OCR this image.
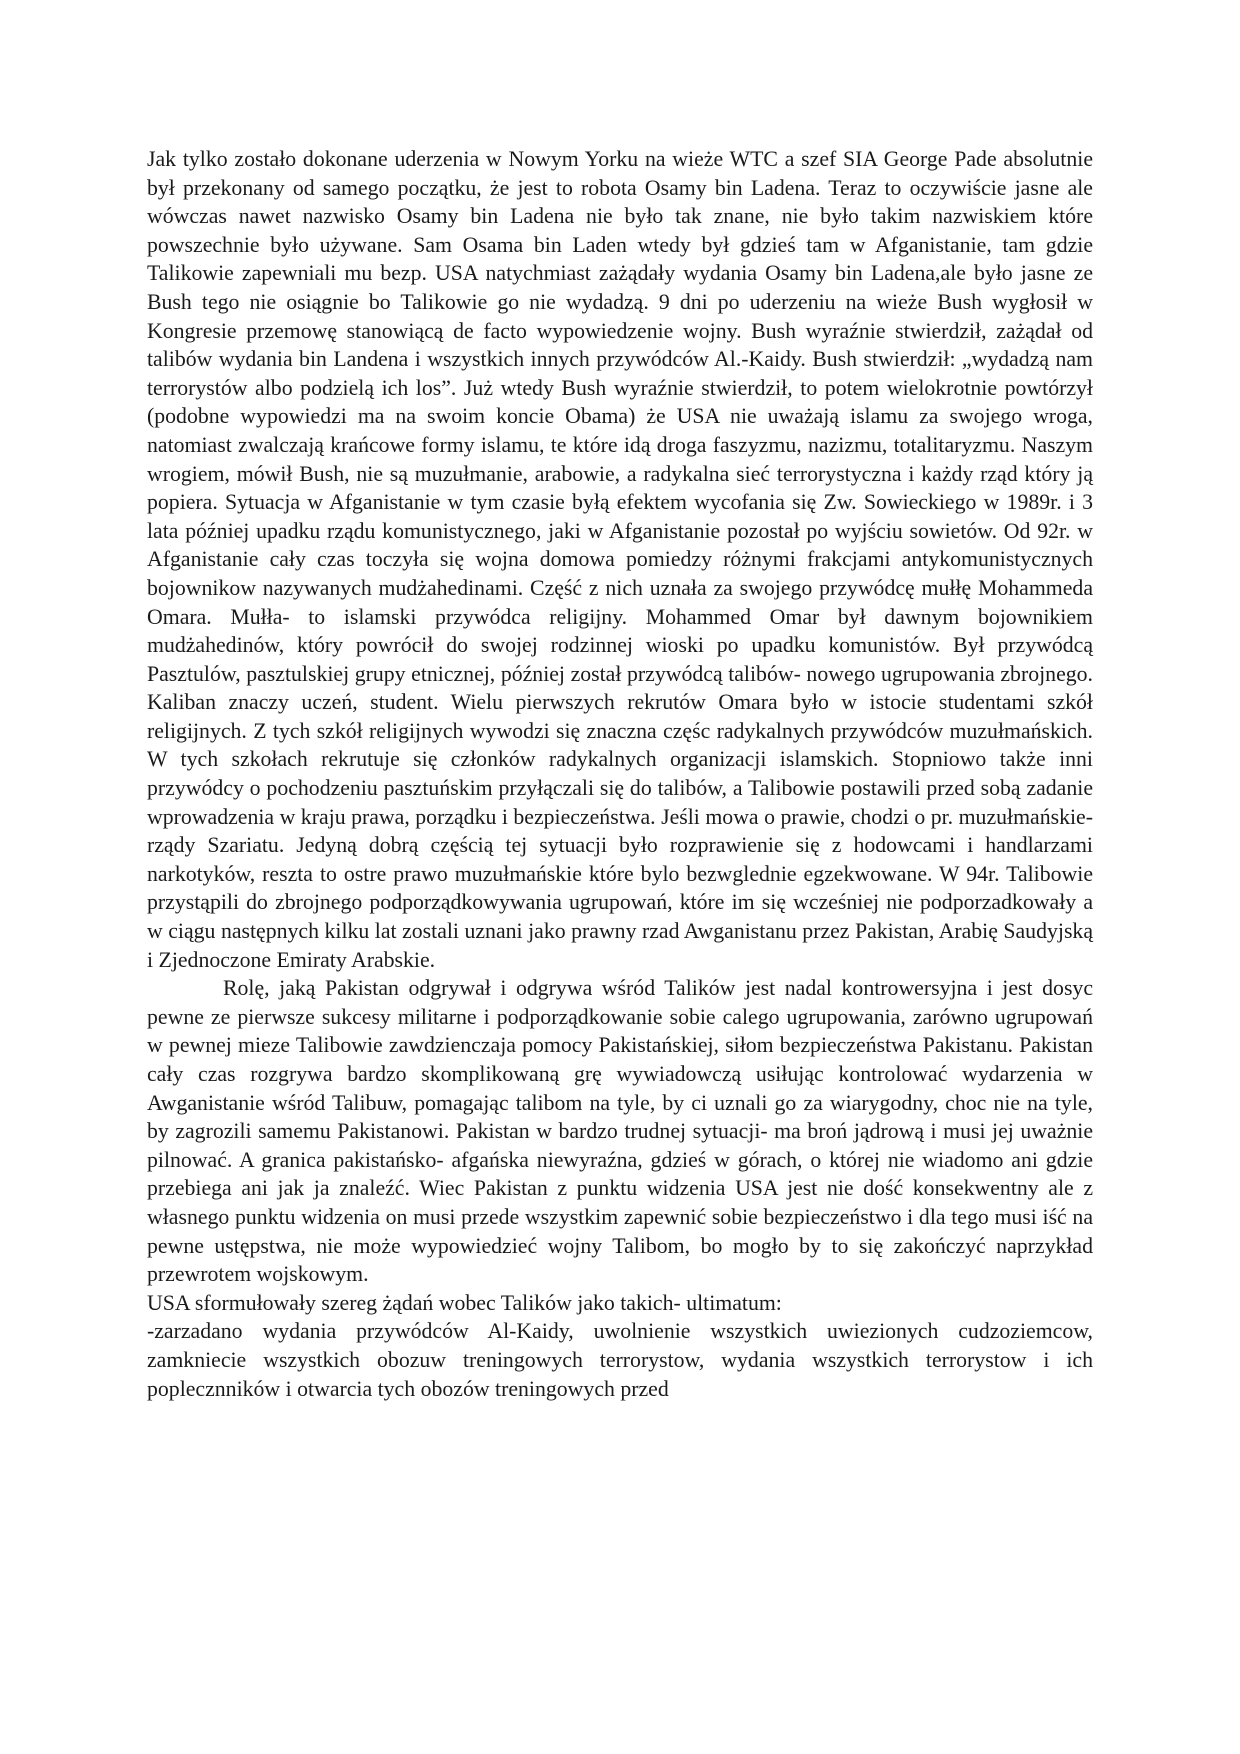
Jak tylko zostało dokonane uderzenia w Nowym Yorku na wieże WTC a szef SIA George Pade absolutnie był przekonany od samego początku, że jest to robota Osamy bin Ladena. Teraz to oczywiście jasne ale wówczas nawet nazwisko Osamy bin Ladena nie było tak znane, nie było takim nazwiskiem które powszechnie było używane. Sam Osama bin Laden wtedy był gdzieś tam w Afganistanie, tam gdzie Talikowie zapewniali mu bezp. USA natychmiast zażądały wydania Osamy bin Ladena,ale było jasne ze Bush tego nie osiągnie bo Talikowie go nie wydadzą. 9 dni po uderzeniu na wieże Bush wygłosił w Kongresie przemowę stanowiącą de facto wypowiedzenie wojny. Bush wyraźnie stwierdził, zażądał od talibów wydania bin Landena i wszystkich innych przywódców Al.-Kaidy. Bush stwierdził: „wydadzą nam terrorystów albo podzielą ich los”. Już wtedy Bush wyraźnie stwierdził, to potem wielokrotnie powtórzył (podobne wypowiedzi ma na swoim koncie Obama) że USA nie uważają islamu za swojego wroga, natomiast zwalczają krańcowe formy islamu, te które idą droga faszyzmu, nazizmu, totalitaryzmu. Naszym wrogiem, mówił Bush, nie są muzułmanie, arabowie, a radykalna sieć terrorystyczna i każdy rząd który ją popiera. Sytuacja w Afganistanie w tym czasie byłą efektem wycofania się Zw. Sowieckiego w 1989r. i 3 lata później upadku rządu komunistycznego, jaki w Afganistanie pozostał po wyjściu sowietów. Od 92r. w Afganistanie cały czas toczyła się wojna domowa pomiedzy różnymi frakcjami antykomunistycznych bojownikow nazywanych mudżahedinami. Część z nich uznała za swojego przywódcę mułłę Mohammeda Omara. Mułła- to islamski przywódca religijny. Mohammed Omar był dawnym bojownikiem mudżahedinów, który powrócił do swojej rodzinnej wioski po upadku komunistów. Był przywódcą Pasztulów, pasztulskiej grupy etnicznej, później został przywódcą talibów- nowego ugrupowania zbrojnego. Kaliban znaczy uczeń, student. Wielu pierwszych rekrutów Omara było w istocie studentami szkół religijnych. Z tych szkół religijnych wywodzi się znaczna częśc radykalnych przywódców muzułmańskich. W tych szkołach rekrutuje się członków radykalnych organizacji islamskich. Stopniowo także inni przywódcy o pochodzeniu pasztuńskim przyłączali się do talibów, a Talibowie postawili przed sobą zadanie wprowadzenia w kraju prawa, porządku i bezpieczeństwa. Jeśli mowa o prawie, chodzi o pr. muzułmańskie- rządy Szariatu. Jedyną dobrą częścią tej sytuacji było rozprawienie się z hodowcami i handlarzami narkotyków, reszta to ostre prawo muzułmańskie które bylo bezwglednie egzekwowane. W 94r. Talibowie przystąpili do zbrojnego podporządkowywania ugrupowań, które im się wcześniej nie podporzadkowały a w ciągu następnych kilku lat zostali uznani jako prawny rzad Awganistanu przez Pakistan, Arabię Saudyjską i Zjednoczone Emiraty Arabskie.

Rolę, jaką Pakistan odgrywał i odgrywa wśród Talików jest nadal kontrowersyjna i jest dosyc pewne ze pierwsze sukcesy militarne i podporządkowanie sobie calego ugrupowania, zarówno ugrupowań w pewnej mieze Talibowie zawdzienczaja pomocy Pakistańskiej, siłom bezpieczeństwa Pakistanu. Pakistan cały czas rozgrywa bardzo skomplikowaną grę wywiadowczą usiłując kontrolować wydarzenia w Awganistanie wśród Talibuw, pomagając talibom na tyle, by ci uznali go za wiarygodny, choc nie na tyle, by zagrozili samemu Pakistanowi. Pakistan w bardzo trudnej sytuacji- ma broń jądrową i musi jej uważnie pilnować. A granica pakistańsko- afgańska niewyraźna, gdzieś w górach, o której nie wiadomo ani gdzie przebiega ani jak ja znaleźć. Wiec Pakistan z punktu widzenia USA jest nie dość konsekwentny ale z własnego punktu widzenia on musi przede wszystkim zapewnić sobie bezpieczeństwo i dla tego musi iść na pewne ustępstwa, nie może wypowiedzieć wojny Talibom, bo mogło by to się zakończyć naprzykład przewrotem wojskowym.

USA sformułowały szereg żądań wobec Talików jako takich- ultimatum:

-zarzadano wydania przywódców Al-Kaidy, uwolnienie wszystkich uwiezionych cudzoziemcow, zamkniecie wszystkich obozuw treningowych terrorystow, wydania wszystkich terrorystow i ich poplecznników i otwarcia tych obozów treningowych przed
